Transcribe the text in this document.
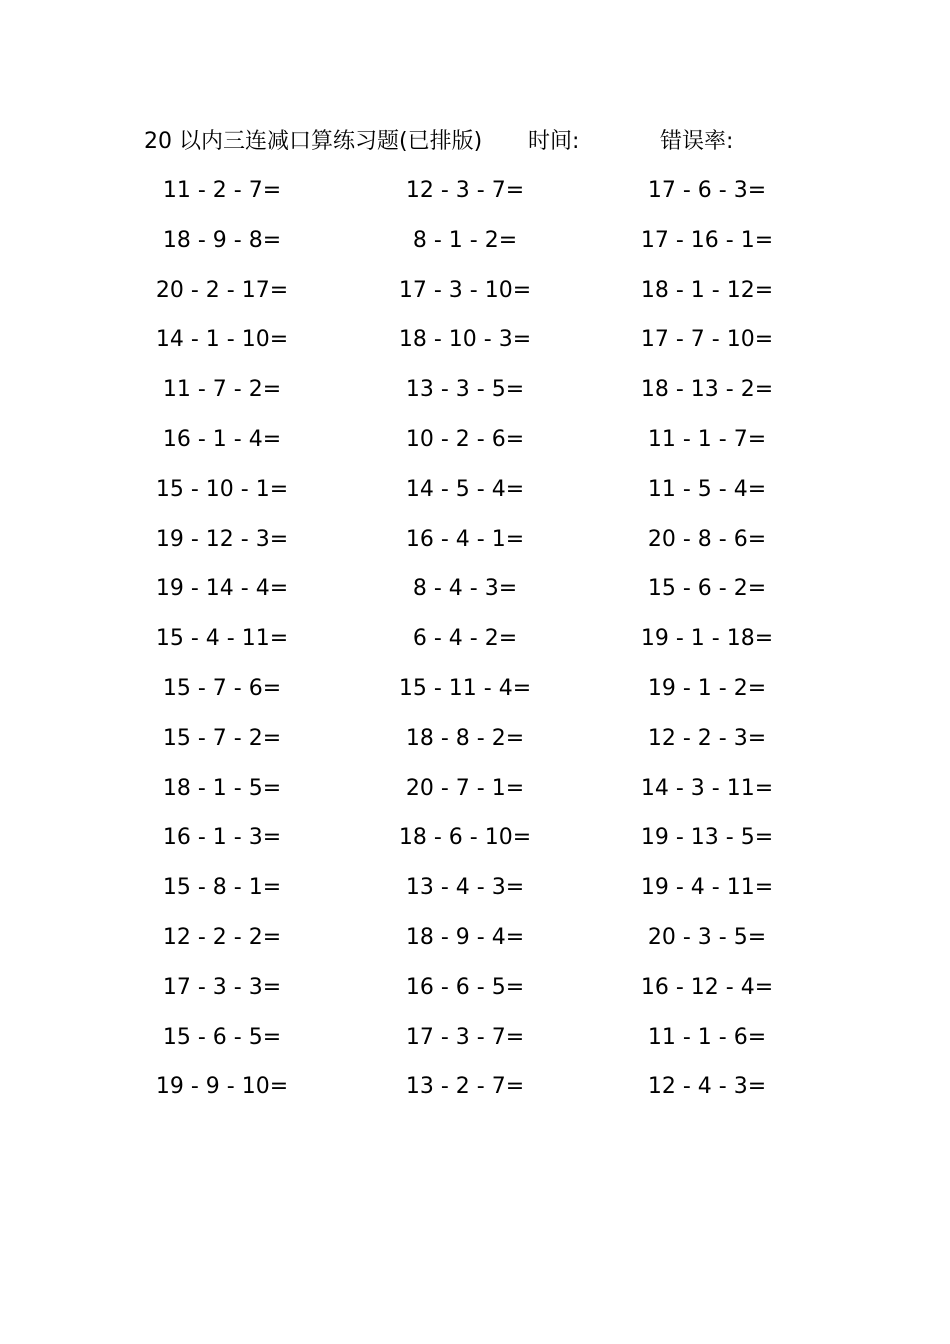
20 以内三连减口算练习题(已排版) 时间:	错误率:
11 - 2 - 7=	12 - 3 - 7=	17 - 6 - 3=
18 - 9 - 8=	8 - 1 - 2=	17 - 16 - 1=
20 - 2 - 17=	17 - 3 - 10=	18 - 1 - 12=
14 - 1 - 10=	18 - 10 - 3=	17 - 7 - 10=
11 - 7 - 2=	13 - 3 - 5=	18 - 13 - 2=
16 - 1 - 4=	10 - 2 - 6=	11 - 1 - 7=
15 - 10 - 1=	14 - 5 - 4=	11 - 5 - 4=
19 - 12 - 3=	16 - 4 - 1=	20 - 8 - 6=
19 - 14 - 4=	8 - 4 - 3=	15 - 6 - 2=
15 - 4 - 11=	6 - 4 - 2=	19 - 1 - 18=
15 - 7 - 6=	15 - 11 - 4=	19 - 1 - 2=
15 - 7 - 2=	18 - 8 - 2=	12 - 2 - 3=
18 - 1 - 5=	20 - 7 - 1=	14 - 3 - 11=
16 - 1 - 3=	18 - 6 - 10=	19 - 13 - 5=
15 - 8 - 1=	13 - 4 - 3=	19 - 4 - 11=
12 - 2 - 2=	18 - 9 - 4=	20 - 3 - 5=
17 - 3 - 3=	16 - 6 - 5=	16 - 12 - 4=
15 - 6 - 5=	17 - 3 - 7=	11 - 1 - 6=
19 - 9 - 10=	13 - 2 - 7=	12 - 4 - 3=
